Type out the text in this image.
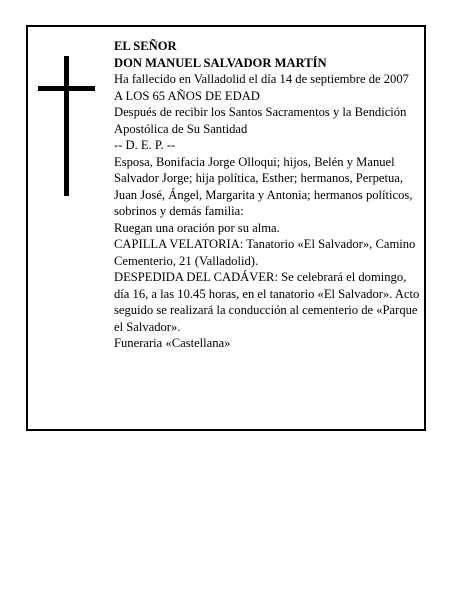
EL SEÑOR

DON MANUEL SALVADOR MARTÍN

Ha fallecido en Valladolid el día 14 de septiembre de 2007

A LOS 65 AÑOS DE EDAD

Después de recibir los Santos Sacramentos y la Bendición Apostólica de Su Santidad

-- D. E. P. --

Esposa, Bonifacia Jorge Olloqui; hijos, Belén y Manuel Salvador Jorge; hija política, Esther; hermanos, Perpetua, Juan José, Ángel, Margarita y Antonia; hermanos políticos, sobrinos y demás familia:

Ruegan una oración por su alma.

CAPILLA VELATORIA: Tanatorio «El Salvador», Camino Cementerio, 21 (Valladolid).

DESPEDIDA DEL CADÁVER: Se celebrará el domingo, día 16, a las 10.45 horas, en el tanatorio «El Salvador». Acto seguido se realizará la conducción al cementerio de «Parque el Salvador».

Funeraria «Castellana»
